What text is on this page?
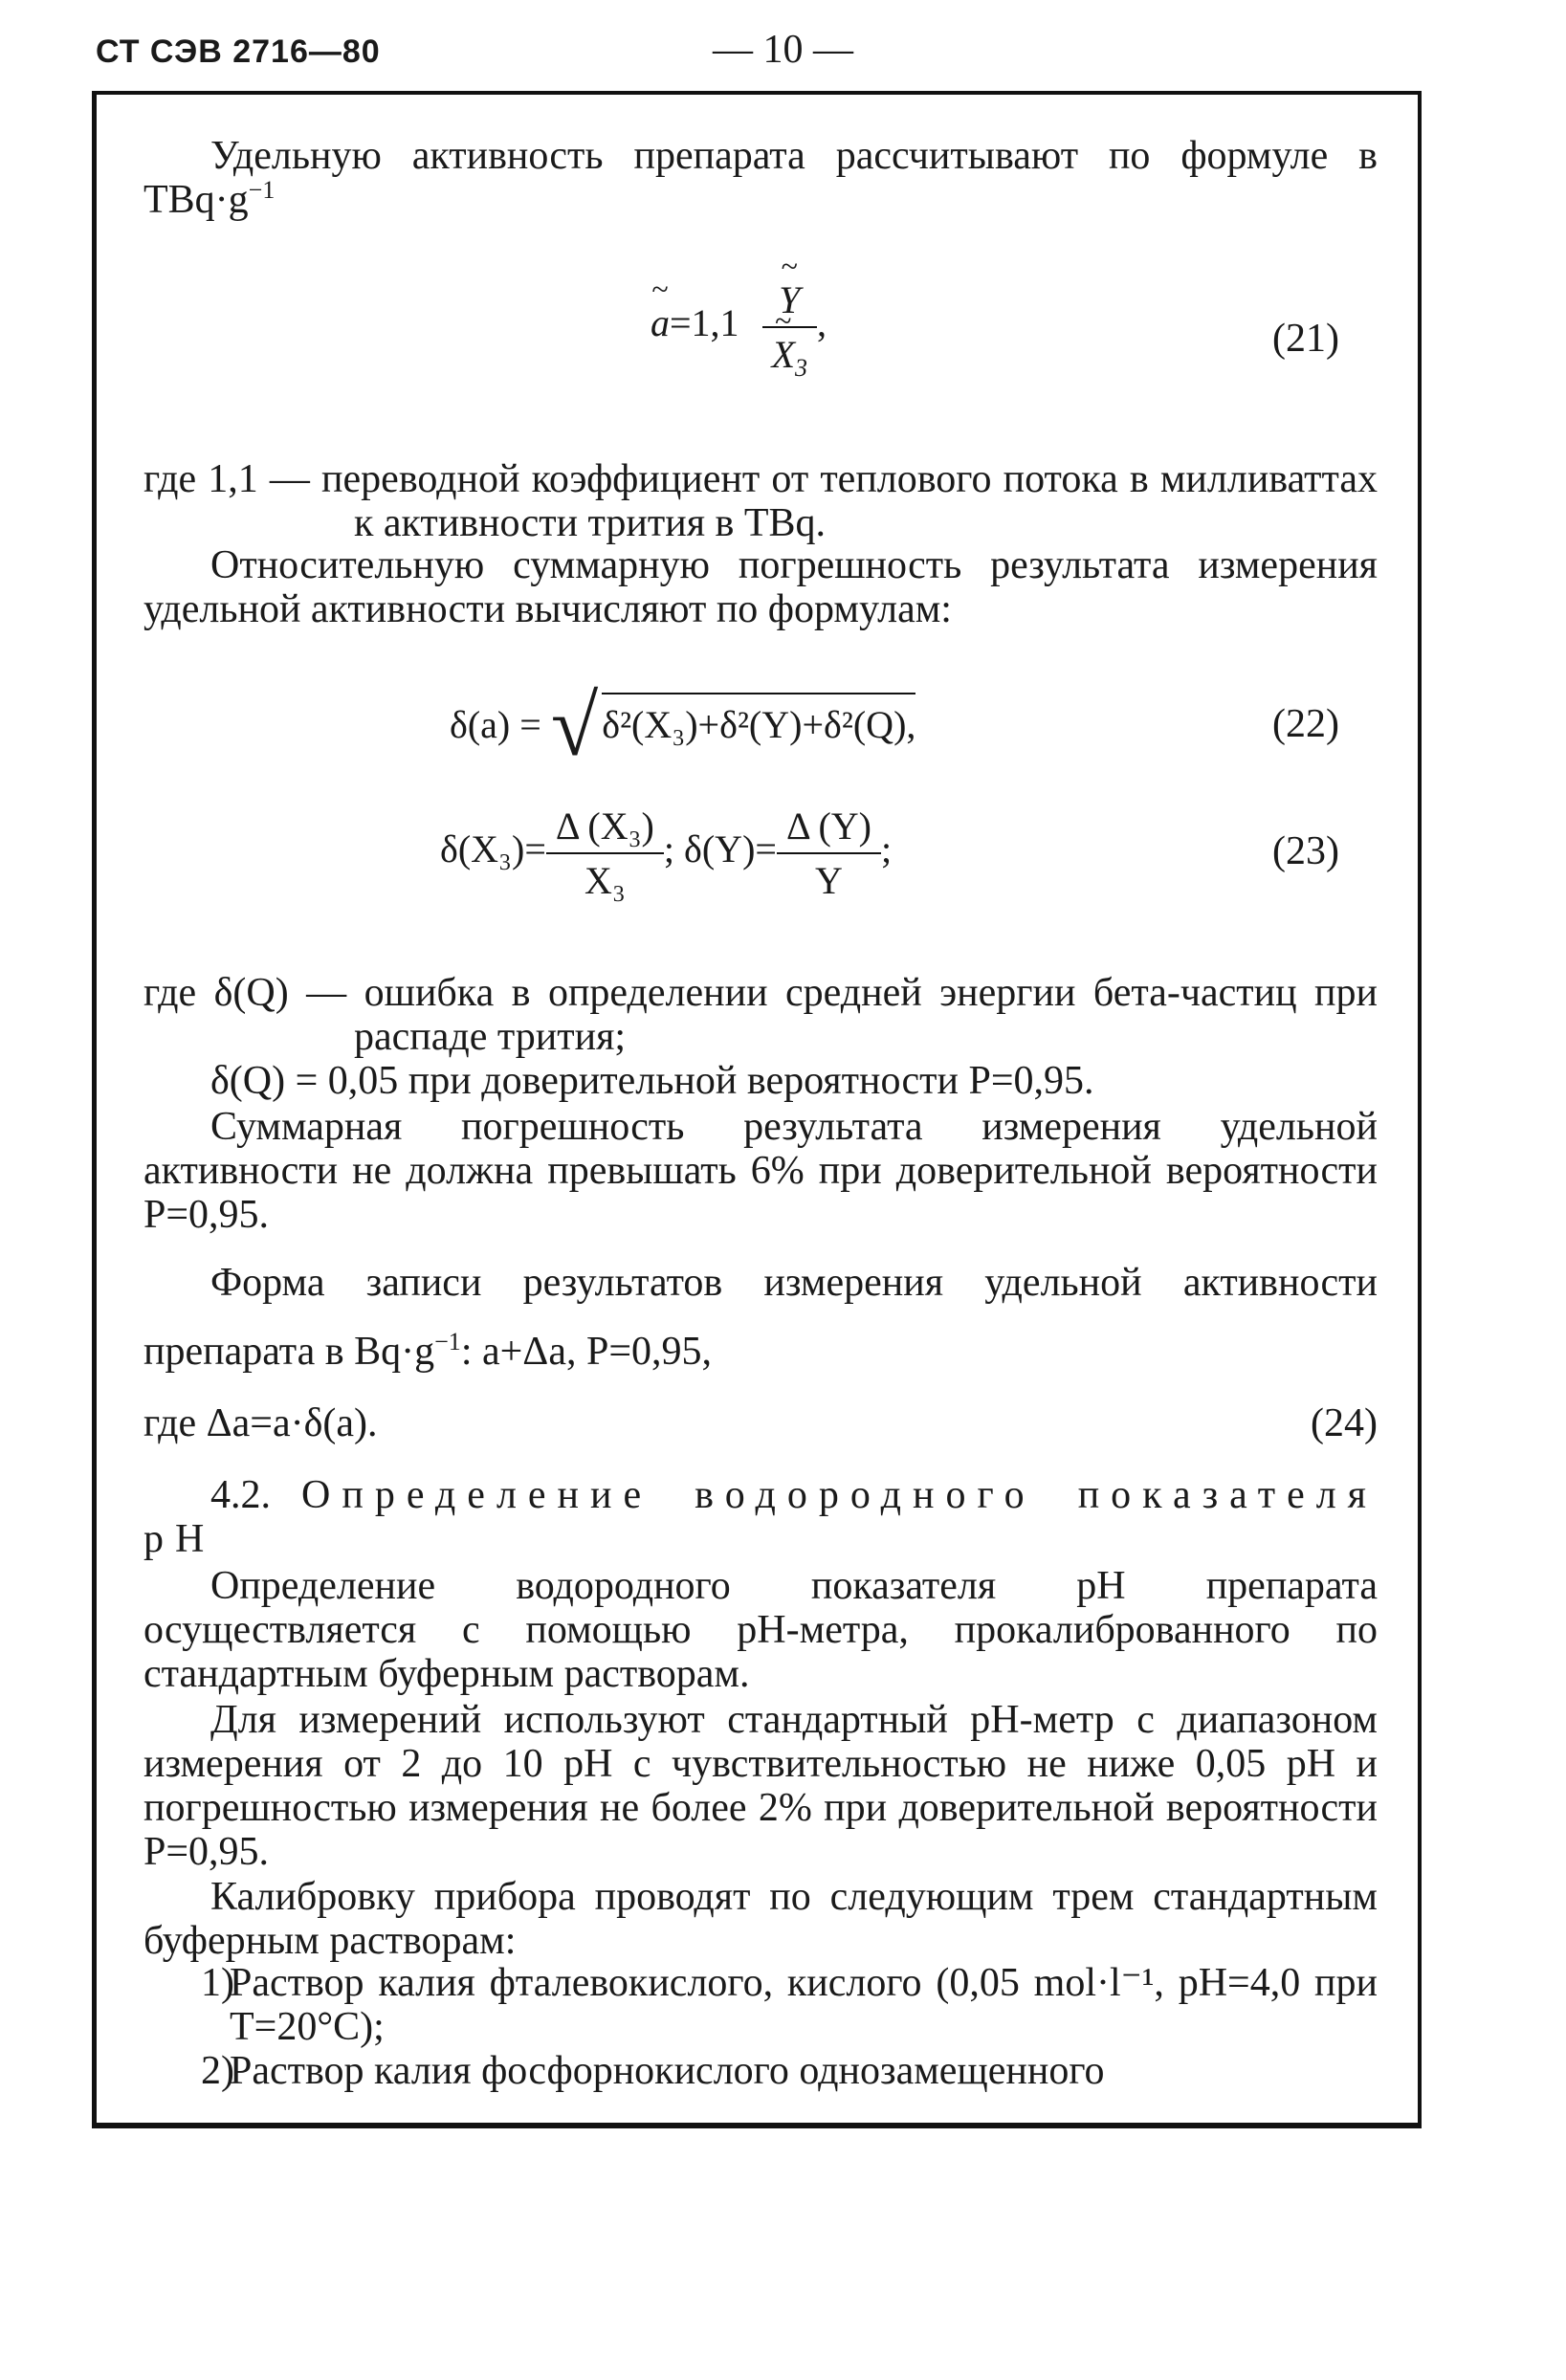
СТ СЭВ 2716—80	— 10 —

Удельную активность препарата рассчитывают по формуле в $TBq\cdot g^{-1}$

~ a=1,1
~ Y
~ $X_3$ ,	(21)

где 1,1 — переводной коэффициент от теплового потока в милливаттах к активности трития в TBq.

Относительную суммарную погрешность результата измерения удельной активности вычисляют по формулам:

δ(a) = √ δ²(X₃)+δ²(Y)+δ²(Q),	(22)
$\delta(X_3)= \frac{\text{Δ (X₃)}}{\text{X₃}}$ ; $\delta(Y)= \frac{\Delta (Y)}{Y}$ ;	(23)

где δ(Q) — ошибка в определении средней энергии бета-частиц при распаде трития;

δ(Q) = 0,05 при доверительной вероятности P=0,95.

Суммарная погрешность результата измерения удельной активности не должна превышать 6% при доверительной вероятности P=0,95.

Форма записи результатов измерения удельной активности препарата в $Bq\cdot g^{-1}$: a+Δa, P=0,95,

где Δa=a·δ(a).	(24)

4.2. Определение водородного показателя pH

Определение водородного показателя pH препарата осуществляется с помощью pH-метра, прокалиброванного по стандартным буферным растворам.

Для измерений используют стандартный pH-метр с диапазоном измерения от 2 до 10 pH с чувствительностью не ниже 0,05 pH и погрешностью измерения не более 2% при доверительной вероятности P=0,95.

Калибровку прибора проводят по следующим трем стандартным буферным растворам:

1)
Раствор калия фталевокислого, кислого (0,05 mol·l⁻¹, pH=4,0 при T=20°C);

2)
Раствор калия фосфорнокислого однозамещенного
